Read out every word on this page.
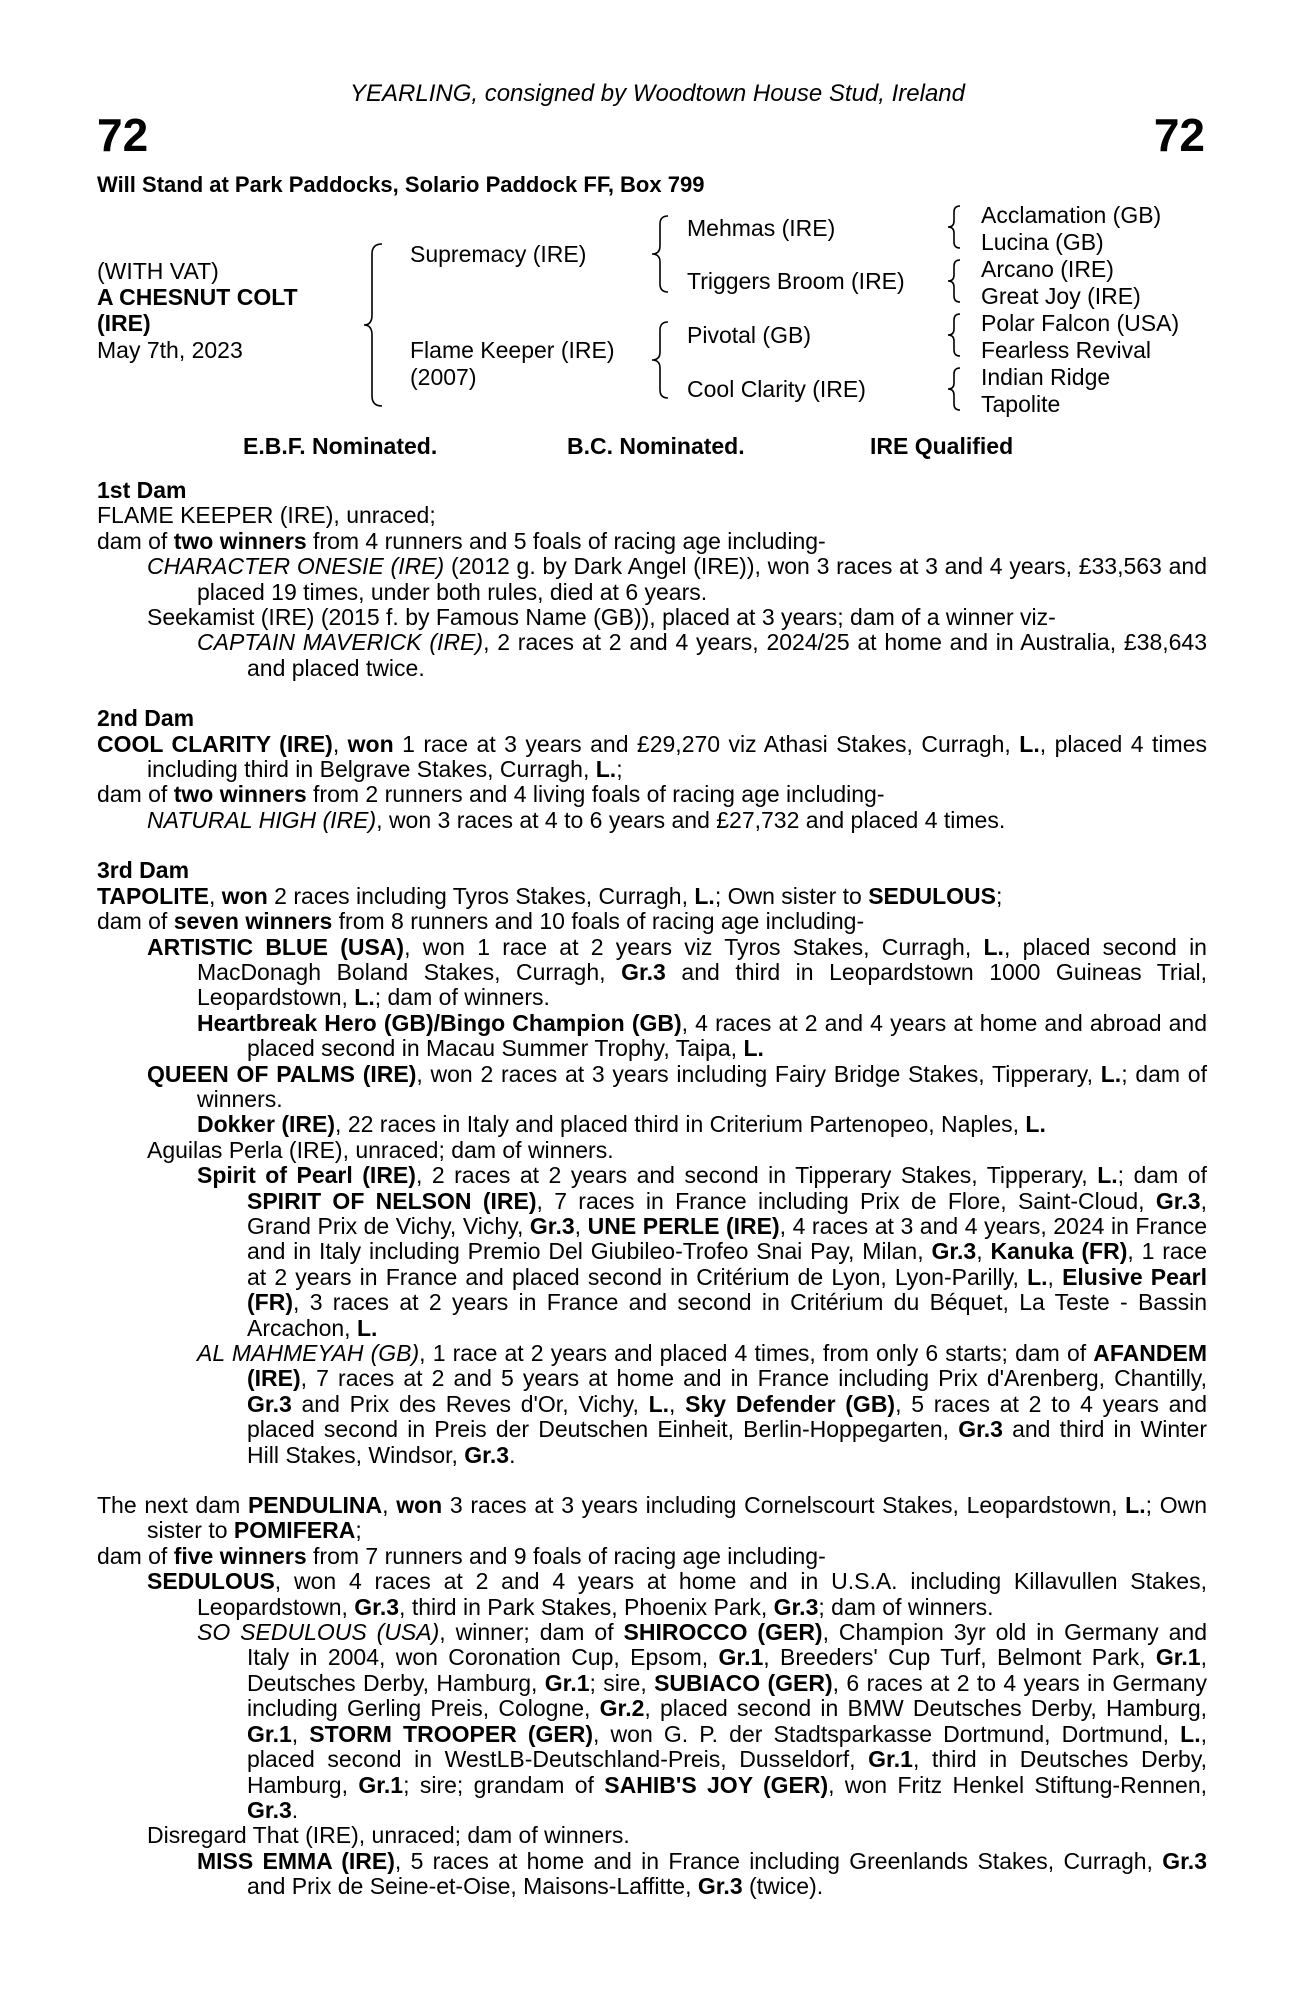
72	72
YEARLING, consigned by Woodtown House Stud, Ireland
Will Stand at Park Paddocks, Solario Paddock FF, Box 799
(WITH VAT)
A CHESNUT COLT
(IRE)
May 7th, 2023
Supremacy (IRE)
Flame Keeper (IRE)
(2007)
Mehmas (IRE)
Triggers Broom (IRE)
Pivotal (GB)
Cool Clarity (IRE)
Acclamation (GB)
Lucina (GB)
Arcano (IRE)
Great Joy (IRE)
Polar Falcon (USA)
Fearless Revival
Indian Ridge
Tapolite
E.B.F. Nominated.	B.C. Nominated.	IRE Qualified

1st Dam

FLAME KEEPER (IRE), unraced;

dam of two winners from 4 runners and 5 foals of racing age including-

CHARACTER ONESIE (IRE) (2012 g. by Dark Angel (IRE)), won 3 races at 3 and 4 years, £33,563 and placed 19 times, under both rules, died at 6 years.

Seekamist (IRE) (2015 f. by Famous Name (GB)), placed at 3 years; dam of a winner viz-

CAPTAIN MAVERICK (IRE), 2 races at 2 and 4 years, 2024/25 at home and in Australia, £38,643 and placed twice.

2nd Dam

COOL CLARITY (IRE), won 1 race at 3 years and £29,270 viz Athasi Stakes, Curragh, L., placed 4 times including third in Belgrave Stakes, Curragh, L.;

dam of two winners from 2 runners and 4 living foals of racing age including-

NATURAL HIGH (IRE), won 3 races at 4 to 6 years and £27,732 and placed 4 times.

3rd Dam

TAPOLITE, won 2 races including Tyros Stakes, Curragh, L.; Own sister to SEDULOUS;

dam of seven winners from 8 runners and 10 foals of racing age including-

ARTISTIC BLUE (USA), won 1 race at 2 years viz Tyros Stakes, Curragh, L., placed second in MacDonagh Boland Stakes, Curragh, Gr.3 and third in Leopardstown 1000 Guineas Trial, Leopardstown, L.; dam of winners.

Heartbreak Hero (GB)/Bingo Champion (GB), 4 races at 2 and 4 years at home and abroad and placed second in Macau Summer Trophy, Taipa, L.

QUEEN OF PALMS (IRE), won 2 races at 3 years including Fairy Bridge Stakes, Tipperary, L.; dam of winners.

Dokker (IRE), 22 races in Italy and placed third in Criterium Partenopeo, Naples, L.

Aguilas Perla (IRE), unraced; dam of winners.

Spirit of Pearl (IRE), 2 races at 2 years and second in Tipperary Stakes, Tipperary, L.; dam of SPIRIT OF NELSON (IRE), 7 races in France including Prix de Flore, Saint-Cloud, Gr.3, Grand Prix de Vichy, Vichy, Gr.3, UNE PERLE (IRE), 4 races at 3 and 4 years, 2024 in France and in Italy including Premio Del Giubileo-Trofeo Snai Pay, Milan, Gr.3, Kanuka (FR), 1 race at 2 years in France and placed second in Critérium de Lyon, Lyon-Parilly, L., Elusive Pearl (FR), 3 races at 2 years in France and second in Critérium du Béquet, La Teste - Bassin Arcachon, L.

AL MAHMEYAH (GB), 1 race at 2 years and placed 4 times, from only 6 starts; dam of AFANDEM (IRE), 7 races at 2 and 5 years at home and in France including Prix d'Arenberg, Chantilly, Gr.3 and Prix des Reves d'Or, Vichy, L., Sky Defender (GB), 5 races at 2 to 4 years and placed second in Preis der Deutschen Einheit, Berlin-Hoppegarten, Gr.3 and third in Winter Hill Stakes, Windsor, Gr.3.

The next dam PENDULINA, won 3 races at 3 years including Cornelscourt Stakes, Leopardstown, L.; Own sister to POMIFERA;

dam of five winners from 7 runners and 9 foals of racing age including-

SEDULOUS, won 4 races at 2 and 4 years at home and in U.S.A. including Killavullen Stakes, Leopardstown, Gr.3, third in Park Stakes, Phoenix Park, Gr.3; dam of winners.

SO SEDULOUS (USA), winner; dam of SHIROCCO (GER), Champion 3yr old in Germany and Italy in 2004, won Coronation Cup, Epsom, Gr.1, Breeders' Cup Turf, Belmont Park, Gr.1, Deutsches Derby, Hamburg, Gr.1; sire, SUBIACO (GER), 6 races at 2 to 4 years in Germany including Gerling Preis, Cologne, Gr.2, placed second in BMW Deutsches Derby, Hamburg, Gr.1, STORM TROOPER (GER), won G. P. der Stadtsparkasse Dortmund, Dortmund, L., placed second in WestLB-Deutschland-Preis, Dusseldorf, Gr.1, third in Deutsches Derby, Hamburg, Gr.1; sire; grandam of SAHIB'S JOY (GER), won Fritz Henkel Stiftung-Rennen, Gr.3.

Disregard That (IRE), unraced; dam of winners.

MISS EMMA (IRE), 5 races at home and in France including Greenlands Stakes, Curragh, Gr.3 and Prix de Seine-et-Oise, Maisons-Laffitte, Gr.3 (twice).
